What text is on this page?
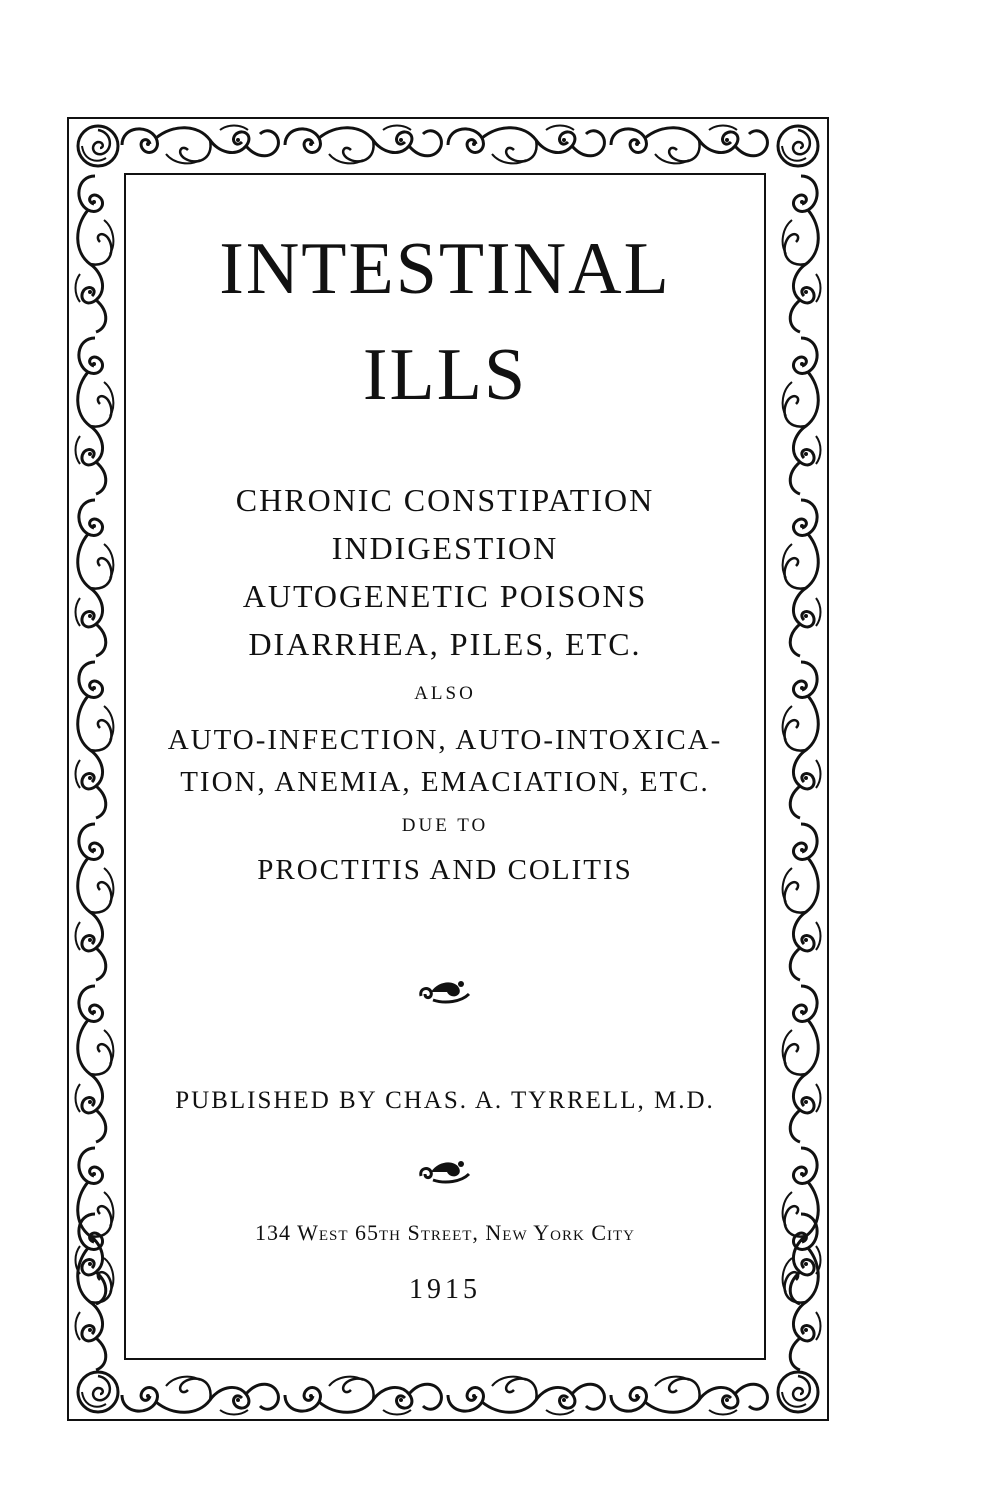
INTESTINAL
ILLS
CHRONIC CONSTIPATION
INDIGESTION
AUTOGENETIC POISONS
DIARRHEA, PILES, ETC.
ALSO
AUTO-INFECTION, AUTO-INTOXICA-
TION, ANEMIA, EMACIATION, ETC.
DUE TO
PROCTITIS AND COLITIS
PUBLISHED BY CHAS. A. TYRRELL, M.D.
134 West 65th Street, New York City
1915
